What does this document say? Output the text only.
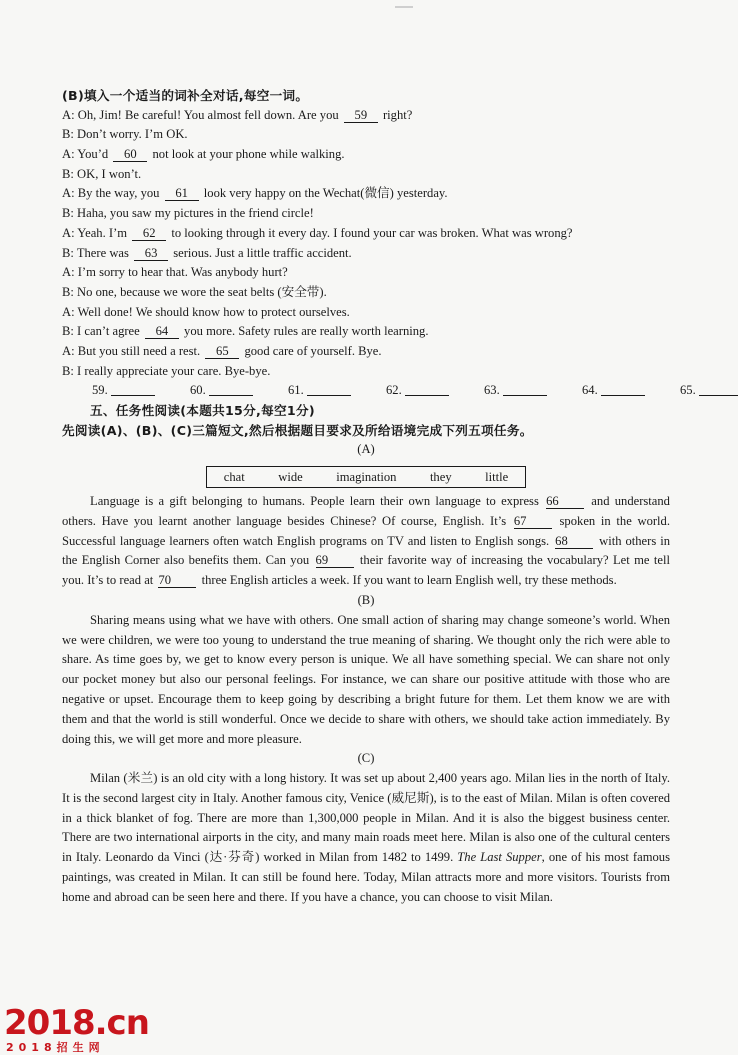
(B)填入一个适当的词补全对话,每空一词。
A: Oh, Jim! Be careful! You almost fell down. Are you 59 right?
B: Don’t worry. I’m OK.
A: You’d 60 not look at your phone while walking.
B: OK, I won’t.
A: By the way, you 61 look very happy on the Wechat(微信) yesterday.
B: Haha, you saw my pictures in the friend circle!
A: Yeah. I’m 62 to looking through it every day. I found your car was broken. What was wrong?
B: There was 63 serious. Just a little traffic accident.
A: I’m sorry to hear that. Was anybody hurt?
B: No one, because we wore the seat belts (安全带).
A: Well done! We should know how to protect ourselves.
B: I can’t agree 64 you more. Safety rules are really worth learning.
A: But you still need a rest. 65 good care of yourself. Bye.
B: I really appreciate your care. Bye-bye.
59.	60.	61.	62.	63.	64.	65.
五、任务性阅读(本题共15分,每空1分)
先阅读(A)、(B)、(C)三篇短文,然后根据题目要求及所给语境完成下列五项任务。
(A)
chat	wide	imagination	they	little

Language is a gift belonging to humans. People learn their own language to express 66 and understand others. Have you learnt another language besides Chinese? Of course, English. It’s 67 spoken in the world. Successful language learners often watch English programs on TV and listen to English songs. 68 with others in the English Corner also benefits them. Can you 69 their favorite way of increasing the vocabulary? Let me tell you. It’s to read at 70 three English articles a week. If you want to learn English well, try these methods.

(B)

Sharing means using what we have with others. One small action of sharing may change someone’s world. When we were children, we were too young to understand the true meaning of sharing. We thought only the rich were able to share. As time goes by, we get to know every person is unique. We all have something special. We can share not only our pocket money but also our personal feelings. For instance, we can share our positive attitude with those who are negative or upset. Encourage them to keep going by describing a bright future for them. Let them know we are with them and that the world is still wonderful. Once we decide to share with others, we should take action immediately. By doing this, we will get more and more pleasure.

(C)

Milan (米兰) is an old city with a long history. It was set up about 2,400 years ago. Milan lies in the north of Italy. It is the second largest city in Italy. Another famous city, Venice (威尼斯), is to the east of Milan. Milan is often covered in a thick blanket of fog. There are more than 1,300,000 people in Milan. And it is also the biggest business center. There are two international airports in the city, and many main roads meet here. Milan is also one of the cultural centers in Italy. Leonardo da Vinci (达·芬奇) worked in Milan from 1482 to 1499. The Last Supper, one of his most famous paintings, was created in Milan. It can still be found here. Today, Milan attracts more and more visitors. Tourists from home and abroad can be seen here and there. If you have a chance, you can choose to visit Milan.

2018.cn
2018招生网
